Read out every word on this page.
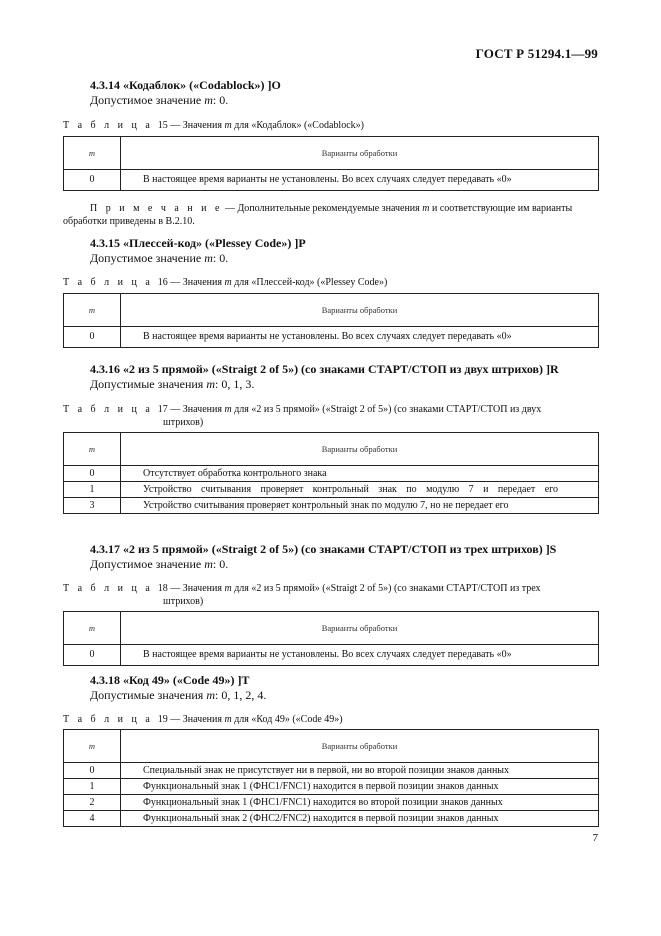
ГОСТ Р 51294.1—99

4.3.14 «Кодаблок» («Codablock») ]O

Допустимое значение m: 0.

Т а б л и ц а 15 — Значения m для «Кодаблок» («Codablock»)
m	Варианты обработки
0	В настоящее время варианты не установлены. Во всех случаях следует передавать «0»
П р и м е ч а н и е — Дополнительные рекомендуемые значения m и соответствующие им варианты обработки приведены в В.2.10.

4.3.15 «Плессей-код» («Plessey Code») ]P

Допустимое значение m: 0.

Т а б л и ц а 16 — Значения m для «Плессей-код» («Plessey Code»)
m	Варианты обработки
0	В настоящее время варианты не установлены. Во всех случаях следует передавать «0»

4.3.16 «2 из 5 прямой» («Straigt 2 of 5») (со знаками СТАРТ/СТОП из двух штрихов) ]R

Допустимые значения m: 0, 1, 3.

Т а б л и ц а 17 — Значения m для «2 из 5 прямой» («Straigt 2 of 5») (со знаками СТАРТ/СТОП из двух
штрихов)
m	Варианты обработки
0	Отсутствует обработка контрольного знака
1	Устройство считывания проверяет контрольный знак по модулю 7 и передает его
3	Устройство считывания проверяет контрольный знак по модулю 7, но не передает его

4.3.17 «2 из 5 прямой» («Straigt 2 of 5») (со знаками СТАРТ/СТОП из трех штрихов) ]S

Допустимое значение m: 0.

Т а б л и ц а 18 — Значения m для «2 из 5 прямой» («Straigt 2 of 5») (со знаками СТАРТ/СТОП из трех
штрихов)
m	Варианты обработки
0	В настоящее время варианты не установлены. Во всех случаях следует передавать «0»

4.3.18 «Код 49» («Code 49») ]T

Допустимые значения m: 0, 1, 2, 4.

Т а б л и ц а 19 — Значения m для «Код 49» («Code 49»)
m	Варианты обработки
0	Специальный знак не присутствует ни в первой, ни во второй позиции знаков данных
1	Функциональный знак 1 (ФНС1/FNC1) находится в первой позиции знаков данных
2	Функциональный знак 1 (ФНС1/FNC1) находится во второй позиции знаков данных
4	Функциональный знак 2 (ФНС2/FNC2) находится в первой позиции знаков данных
7
